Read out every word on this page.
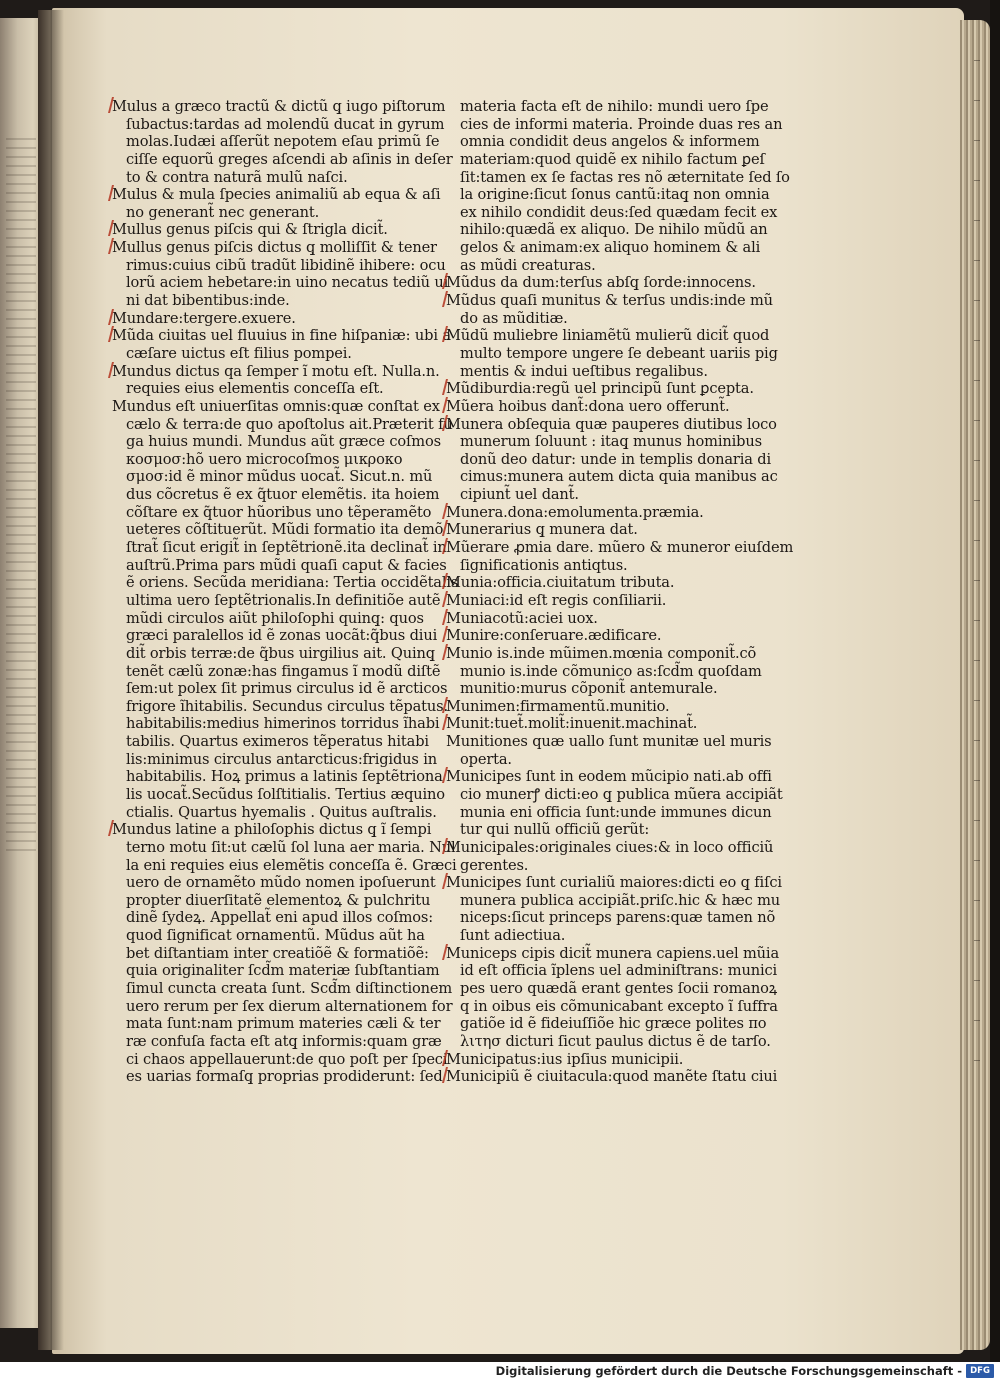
Mulus a græco tractũ & dictũ q̧ iugo piſtorum
ſubactus:tardas ad molendũ ducat in gyrum
molas.Iudæi aſſerũt nepotem eſau primũ ſe
ciſſe equorũ greges aſcendi ab aſinis in deſer
to & contra naturã mulũ naſci.
Mulus & mula ſpecies animaliũ ab equa & aſi
no generant̃ nec generant.
Mullus genus piſcis qui & ſtrigla dicit̃.
Mullus genus piſcis dictus q̧ molliſſit & tener
rimus:cuius cibũ tradũt libidinẽ ihibere: ocu
lorũ aciem hebetare:in uino necatus tediũ ui
ni dat bibentibus:inde.
Mundare:tergere.exuere.
Mũda ciuitas uel fluuius in fine hiſpaniæ: ubi a
cæſare uictus eſt filius pompei.
Mundus dictus qa ſemper ĩ motu eſt. Nulla.n.
requies eius elementis conceſſa eſt.
Mundus eſt uniuerſitas omnis:quæ conſtat ex
cælo & terra:de quo apoſtolus ait.Præterit fu
ga huius mundi. Mundus aũt græce coſmos
κοσμοσ:hõ uero microcoſmos μικροκο
σμοσ:id ẽ minor mũdus uocat̃. Sicut.n. mũ
dus cõcretus ẽ ex q̃tuor elemẽtis. ita hoiem
cõſtare ex q̃tuor hũoribus uno tẽperamẽto
ueteres cõſtituerũt. Mũdi formatio ita demõ
ſtrat̃ ſicut erigit̃ in ſeptẽtrionẽ.ita declinat̃ in
auſtrũ.Prima pars mũdi quaſi caput & facies
ẽ oriens. Secũda meridiana: Tertia occidẽtalis
ultima uero ſeptẽtrionalis.In definitiõe autẽ
mũdi circulos aiũt philoſophi quinq̧: quos
græci paralellos id ẽ zonas uocãt:q̃bus diui
dit̃ orbis terræ:de q̃bus uirgilius ait. Quinq̧
tenẽt cælũ zonæ:has fingamus ĩ modũ diſtẽ
ſem:ut polex ſit primus circulus id ẽ arcticos
frigore ĩhitabilis. Secundus circulus tẽpatus.
habitabilis:medius himerinos torridus ĩhabi
tabilis. Quartus eximeros tẽperatus hitabi
lis:minimus circulus antarcticus:frigidus in
habitabilis. Hoꝝ primus a latinis ſeptẽtriona
lis uocat̃.Secũdus ſolſtitialis. Tertius æquino
ctialis. Quartus hyemalis . Quitus auſtralis.
Mundus latine a philoſophis dictus q̧ ĩ ſempi
terno motu ſit:ut cælũ ſol luna aer maria. Nul
la eni requies eius elemẽtis conceſſa ẽ. Græci
uero de ornamẽto mũdo nomen ipoſuerunt
propter diuerſitatẽ elementoꝝ & pulchritu
dinẽ ſydeꝝ. Appellat̃ eni apud illos coſmos:
quod ſignificat ornamentũ. Mũdus aũt ha
bet diſtantiam inter creatiõẽ & formatiõẽ:
quia originaliter ſcd̃m materiæ ſubſtantiam
ſimul cuncta creata ſunt. Scd̃m diſtinctionem
uero rerum per ſex dierum alternationem for
mata ſunt:nam primum materies cæli & ter
ræ confuſa facta eſt atq̧ informis:quam græ
ci chaos appellauerunt:de quo poſt per ſpeci
es uarias formaſq̧ proprias prodiderunt: ſed
materia facta eſt de nihilo: mundi uero ſpe
cies de informi materia. Proinde duas res an
omnia condidit deus angelos & informem
materiam:quod quidẽ ex nihilo factum ꝑeſ
ſit:tamen ex ſe factas res nõ æternitate ſed ſo
la origine:ſicut ſonus cantũ:itaq̧ non omnia
ex nihilo condidit deus:ſed quædam fecit ex
nihilo:quædã ex aliquo. De nihilo mũdũ an
gelos & animam:ex aliquo hominem & ali
as mũdi creaturas.
Mũdus da dum:terſus abſq̧ ſorde:innocens.
Mũdus quaſi munitus & terſus undis:inde mũ
do as mũditiæ.
Mũdũ muliebre liniamẽtũ mulierũ dicit̃ quod
multo tempore ungere ſe debeant uariis pig
mentis & indui ueſtibus regalibus.
Mũdiburdia:regũ uel principũ ſunt ꝑcepta.
Mũera hoibus dant̃:dona uero offerunt̃.
Munera obſequia quæ pauperes diutibus loco
munerum ſoluunt : itaq̧ munus hominibus
donũ deo datur: unde in templis donaria di
cimus:munera autem dicta quia manibus ac
cipiunt̃ uel dant̃.
Munera.dona:emolumenta.præmia.
Munerarius q̧ munera dat.
Mũerare ꝓmia dare. mũero & muneror eiuſdem
ſignificationis antiqtus.
Munia:officia.ciuitatum tributa.
Muniaci:id eſt regis conſiliarii.
Muniacotũ:aciei uox.
Munire:conſeruare.ædificare.
Munio is.inde mũimen.mœnia componit̃.cõ
munio is.inde cõmunico as:ſcd̃m quoſdam
munitio:murus cõponit̃ antemurale.
Munimen:firmamentũ.munitio.
Munit:tuet̃.molit̃:inuenit.machinat̃.
Munitiones quæ uallo ſunt munitæ uel muris
operta.
Municipes ſunt in eodem mũcipio nati.ab offi
cio munerꝭ dicti:eo q̧ publica mũera accipiãt
munia eni officia ſunt:unde immunes dicun
tur qui nullũ officiũ gerũt:
Municipales:originales ciues:& in loco officiũ
gerentes.
Municipes ſunt curialiũ maiores:dicti eo q̧ fiſci
munera publica accipiãt.priſc.hic & hæc mu
niceps:ſicut princeps parens:quæ tamen nõ
ſunt adiectiua.
Municeps cipis dicit̃ munera capiens.uel mũia
id eſt officia ĩplens uel adminiſtrans: munici
pes uero quædã erant gentes ſocii romanoꝝ
q in oibus eis cõmunicabant excepto ĩ ſuffra
gatiõe id ẽ fideiuſſiõe hic græce polites πο
λιτησ dicturi ſicut paulus dictus ẽ de tarſo.
Municipatus:ius ipſius municipii.
Municipiũ ẽ ciuitacula:quod manẽte ſtatu ciui
Digitalisierung gefördert durch die Deutsche Forschungsgemeinschaft - DFG
